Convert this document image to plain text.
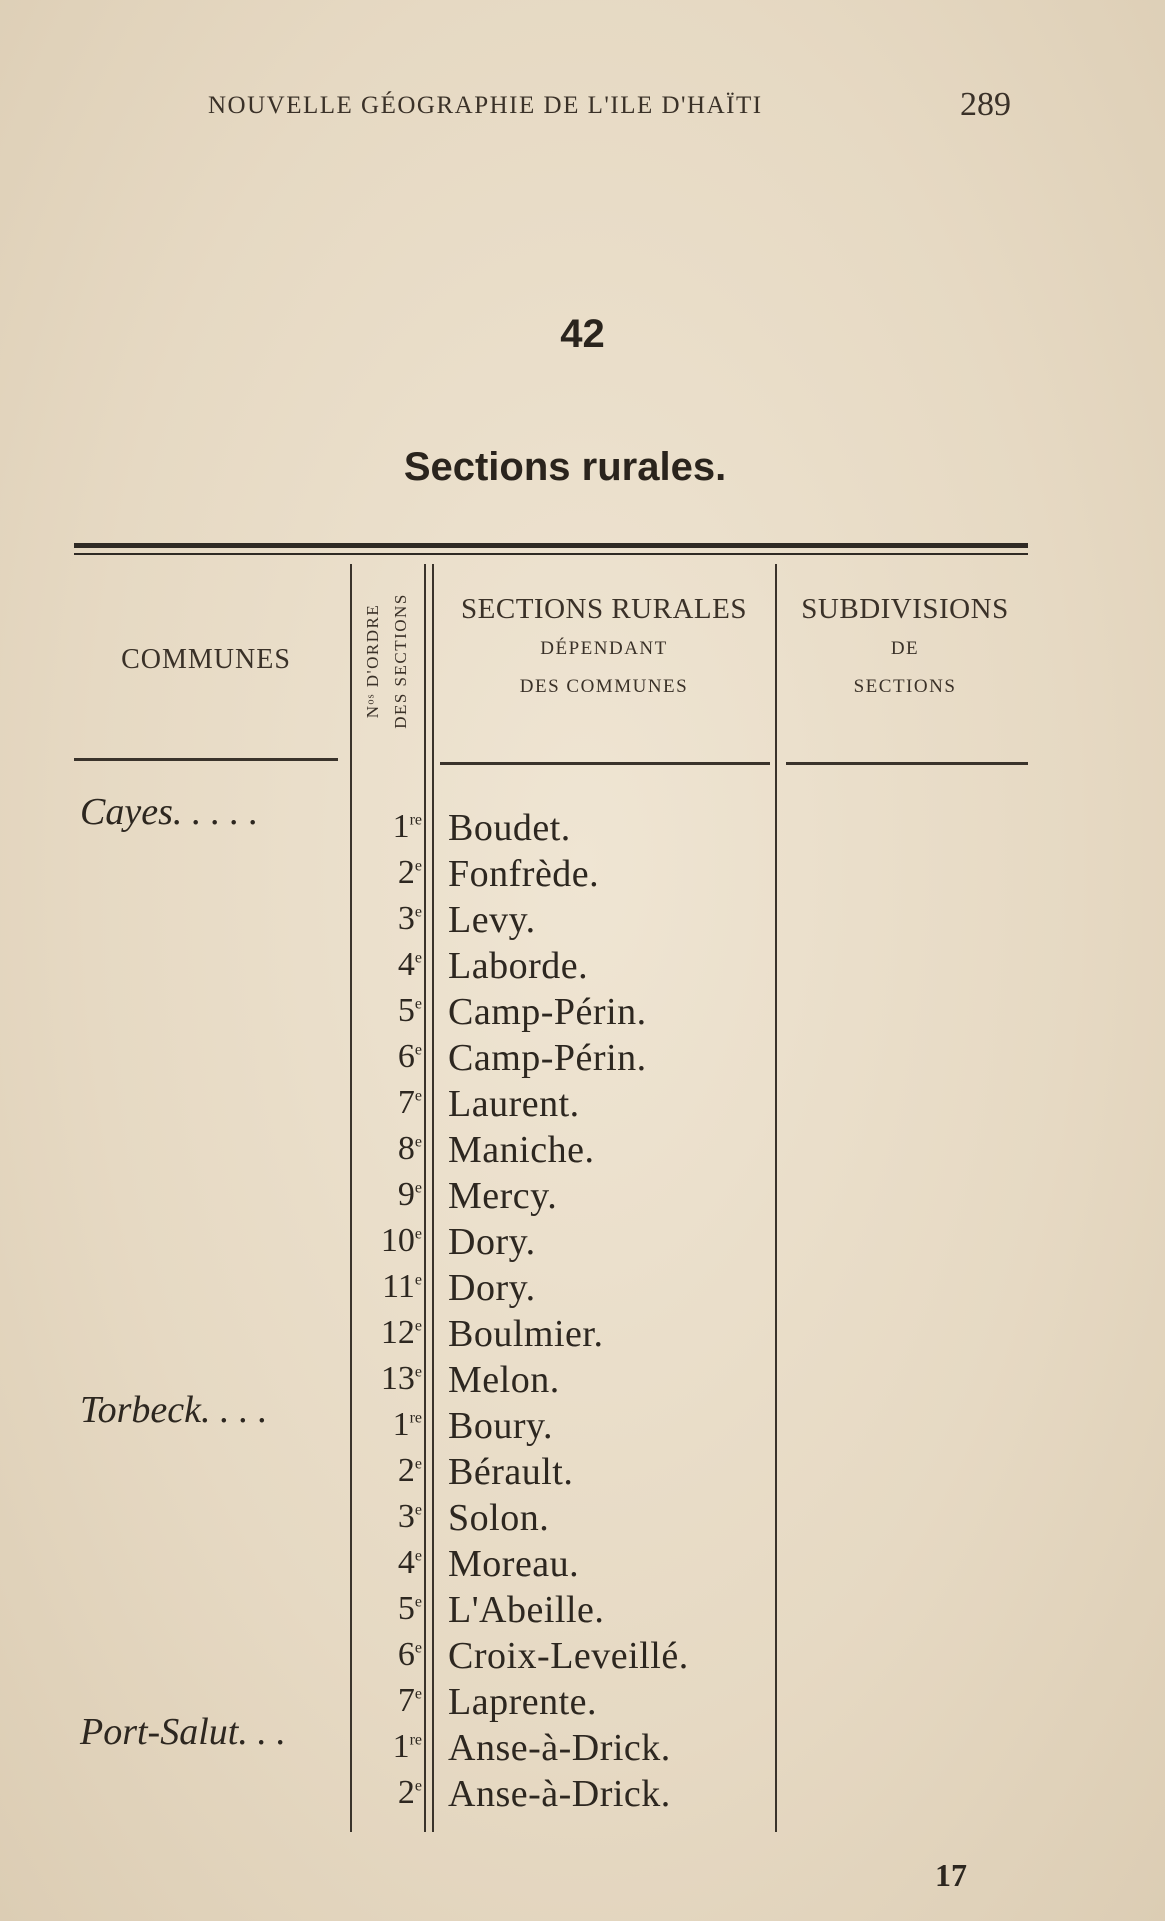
NOUVELLE GÉOGRAPHIE DE L'ILE D'HAÏTI	289
42
Sections rurales.
COMMUNES	Nᵒˢ D'ORDRE DES SECTIONS	SECTIONS RURALES
DÉPENDANT
DES COMMUNES
SUBDIVISIONS
DE
SECTIONS
Cayes. . . . .	1re Boudet.
2e Fonfrède.
3e Levy.
4e Laborde.
5e Camp-Périn.
6e Camp-Périn.
7e Laurent.
8e Maniche.
9e Mercy.
10e Dory.
11e Dory.
12e Boulmier.
13e Melon.
Torbeck. . . .	1re Boury.
2e Bérault.
3e Solon.
4e Moreau.
5e L'Abeille.
6e Croix-Leveillé.
7e Laprente.
Port-Salut. . .	1re Anse-à-Drick.
2e Anse-à-Drick.
17
